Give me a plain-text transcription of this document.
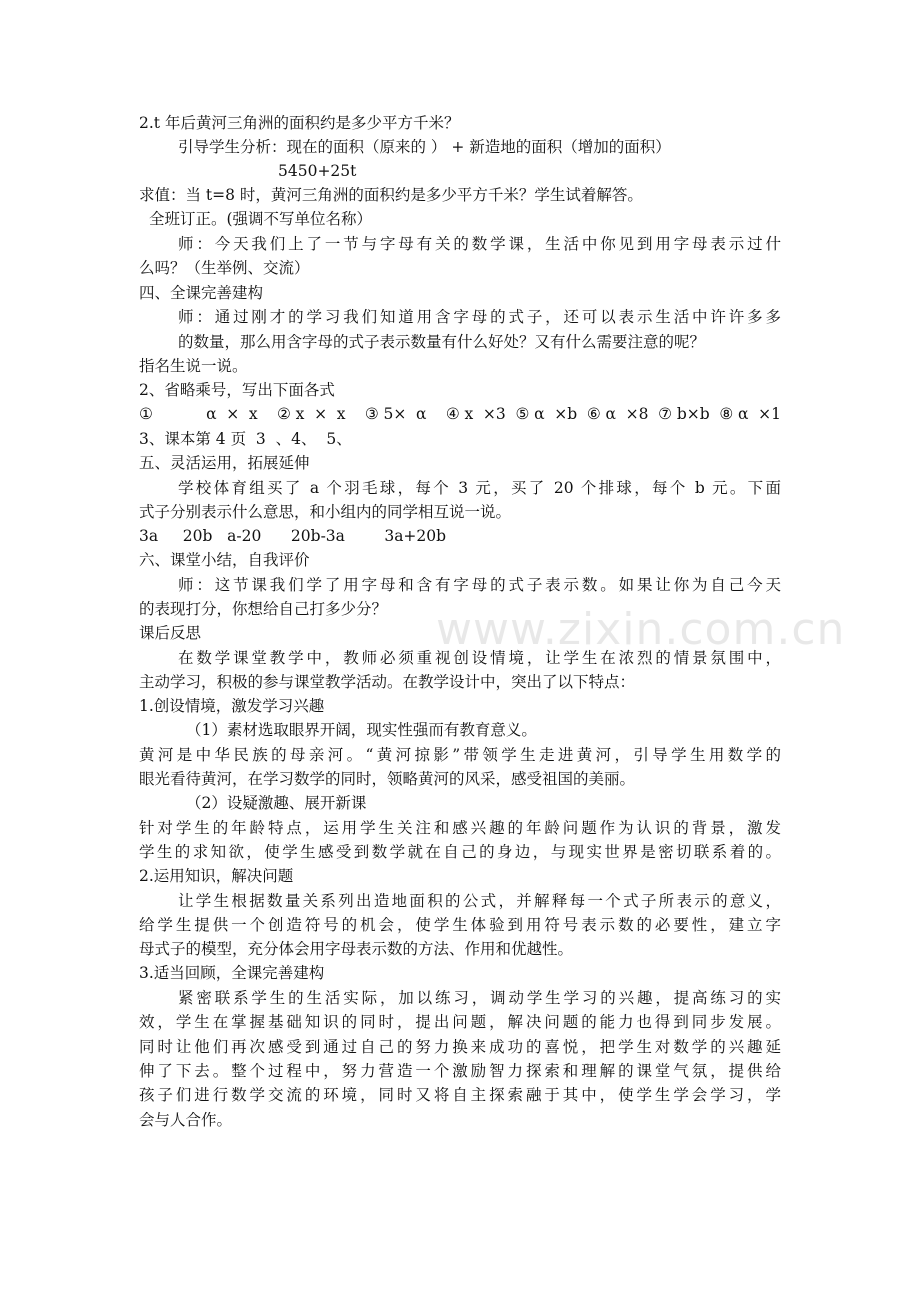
2.t 年后黄河三角洲的面积约是多少平方千米？
引导学生分析：现在的面积（原来的 ） + 新造地的面积（增加的面积）
5450+25t
求值：当 t=8 时，黄河三角洲的面积约是多少平方千米？学生试着解答。
全班订正。(强调不写单位名称）
师：今天我们上了一节与字母有关的数学课，生活中你见到用字母表示过什
么吗？（生举例、交流）
四、全课完善建构
师：通过刚才的学习我们知道用含字母的式子，还可以表示生活中许许多多
的数量，那么用含字母的式子表示数量有什么好处？又有什么需要注意的呢？
指名生说一说。
2、省略乘号，写出下面各式
①     α × x  ②x × x  ③5× α  ④x ×3 ⑤α ×b ⑥α ×8 ⑦b×b ⑧α ×1
3、课本第 4 页  3  、4、  5、
五、灵活运用，拓展延伸
学校体育组买了 a 个羽毛球，每个 3 元，买了 20 个排球，每个 b 元。下面
式子分别表示什么意思，和小组内的同学相互说一说。
3a     20b   a-20      20b-3a        3a+20b
六、课堂小结，自我评价
师：这节课我们学了用字母和含有字母的式子表示数。如果让你为自己今天
的表现打分，你想给自己打多少分？
课后反思
在数学课堂教学中，教师必须重视创设情境，让学生在浓烈的情景氛围中，
主动学习，积极的参与课堂教学活动。在教学设计中，突出了以下特点：
1.创设情境，激发学习兴趣
（1）素材选取眼界开阔，现实性强而有教育意义。
黄河是中华民族的母亲河。“黄河掠影”带领学生走进黄河，引导学生用数学的
眼光看待黄河，在学习数学的同时，领略黄河的风采，感受祖国的美丽。
（2）设疑激趣、展开新课
针对学生的年龄特点，运用学生关注和感兴趣的年龄问题作为认识的背景，激发
学生的求知欲，使学生感受到数学就在自己的身边，与现实世界是密切联系着的。
2.运用知识，解决问题
让学生根据数量关系列出造地面积的公式，并解释每一个式子所表示的意义，
给学生提供一个创造符号的机会，使学生体验到用符号表示数的必要性，建立字
母式子的模型，充分体会用字母表示数的方法、作用和优越性。
3.适当回顾，全课完善建构
紧密联系学生的生活实际，加以练习，调动学生学习的兴趣，提高练习的实
效，学生在掌握基础知识的同时，提出问题，解决问题的能力也得到同步发展。
同时让他们再次感受到通过自己的努力换来成功的喜悦，把学生对数学的兴趣延
伸了下去。整个过程中，努力营造一个激励智力探索和理解的课堂气氛，提供给
孩子们进行数学交流的环境，同时又将自主探索融于其中，使学生学会学习，学
会与人合作。
www.zixin.com.cn
